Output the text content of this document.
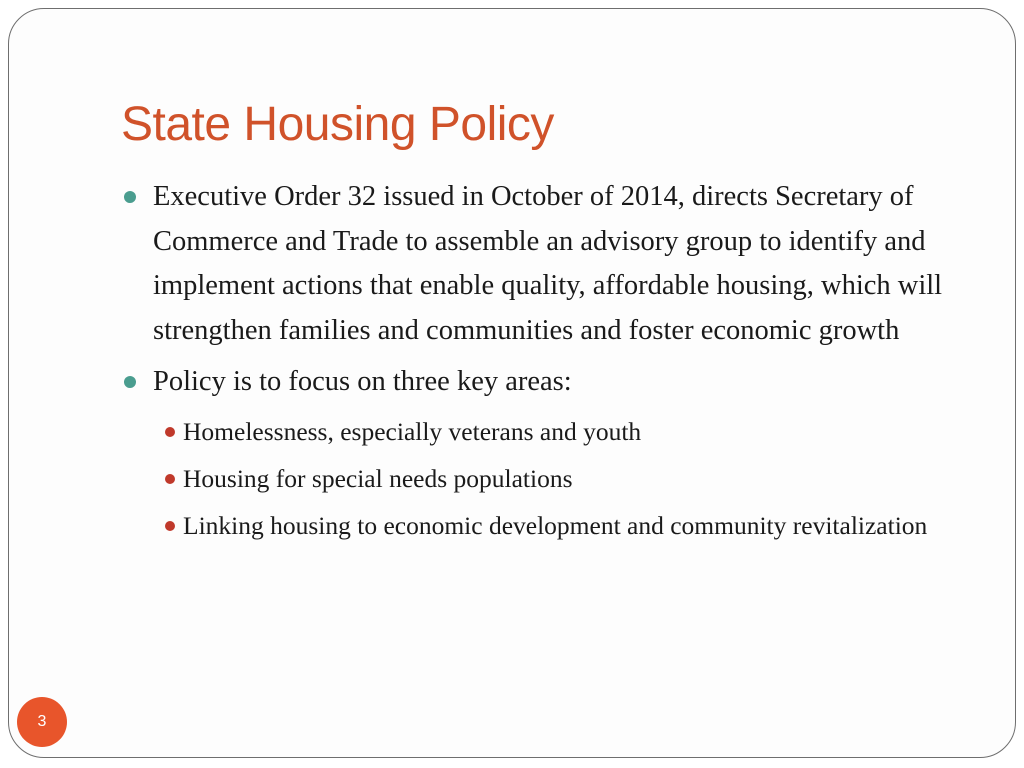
State Housing Policy
Executive Order 32 issued in October of 2014, directs Secretary of Commerce and Trade to assemble an advisory group to identify and implement actions that enable quality, affordable housing, which will strengthen families and communities and foster economic growth
Policy is to focus on three key areas:
Homelessness, especially veterans and youth
Housing for special needs populations
Linking housing to economic development and community revitalization
3
